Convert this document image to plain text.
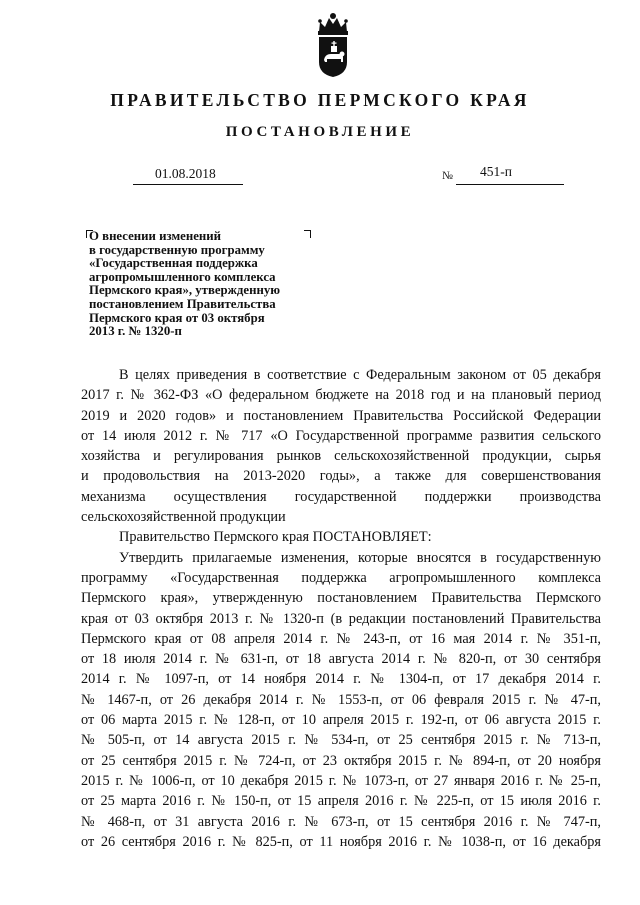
ПРАВИТЕЛЬСТВО ПЕРМСКОГО КРАЯ
ПОСТАНОВЛЕНИЕ
01.08.2018	№ 451-п

О внесении изменений
в государственную программу
«Государственная поддержка
агропромышленного комплекса
Пермского края», утвержденную
постановлением Правительства
Пермского края от 03 октября
2013 г. № 1320-п

В целях приведения в соответствие с Федеральным законом от 05 декабря
2017 г. № 362-ФЗ «О федеральном бюджете на 2018 год и на плановый период
2019 и 2020 годов» и постановлением Правительства Российской Федерации
от 14 июля 2012 г. № 717 «О Государственной программе развития сельского
хозяйства и регулирования рынков сельскохозяйственной продукции, сырья
и продовольствия на 2013-2020 годы», а также для совершенствования
механизма осуществления государственной поддержки производства
сельскохозяйственной продукции
Правительство Пермского края ПОСТАНОВЛЯЕТ:
Утвердить прилагаемые изменения, которые вносятся в государственную
программу «Государственная поддержка агропромышленного комплекса
Пермского края», утвержденную постановлением Правительства Пермского
края от 03 октября 2013 г. № 1320-п (в редакции постановлений Правительства
Пермского края от 08 апреля 2014 г. № 243-п, от 16 мая 2014 г. № 351-п,
от 18 июля 2014 г. № 631-п, от 18 августа 2014 г. № 820-п, от 30 сентября
2014 г. № 1097-п, от 14 ноября 2014 г. № 1304-п, от 17 декабря 2014 г.
№ 1467-п, от 26 декабря 2014 г. № 1553-п, от 06 февраля 2015 г. № 47-п,
от 06 марта 2015 г. № 128-п, от 10 апреля 2015 г. 192-п, от 06 августа 2015 г.
№ 505-п, от 14 августа 2015 г. № 534-п, от 25 сентября 2015 г. № 713-п,
от 25 сентября 2015 г. № 724-п, от 23 октября 2015 г. № 894-п, от 20 ноября
2015 г. № 1006-п, от 10 декабря 2015 г. № 1073-п, от 27 января 2016 г. № 25-п,
от 25 марта 2016 г. № 150-п, от 15 апреля 2016 г. № 225-п, от 15 июля 2016 г.
№ 468-п, от 31 августа 2016 г. № 673-п, от 15 сентября 2016 г. № 747-п,
от 26 сентября 2016 г. № 825-п, от 11 ноября 2016 г. № 1038-п, от 16 декабря
